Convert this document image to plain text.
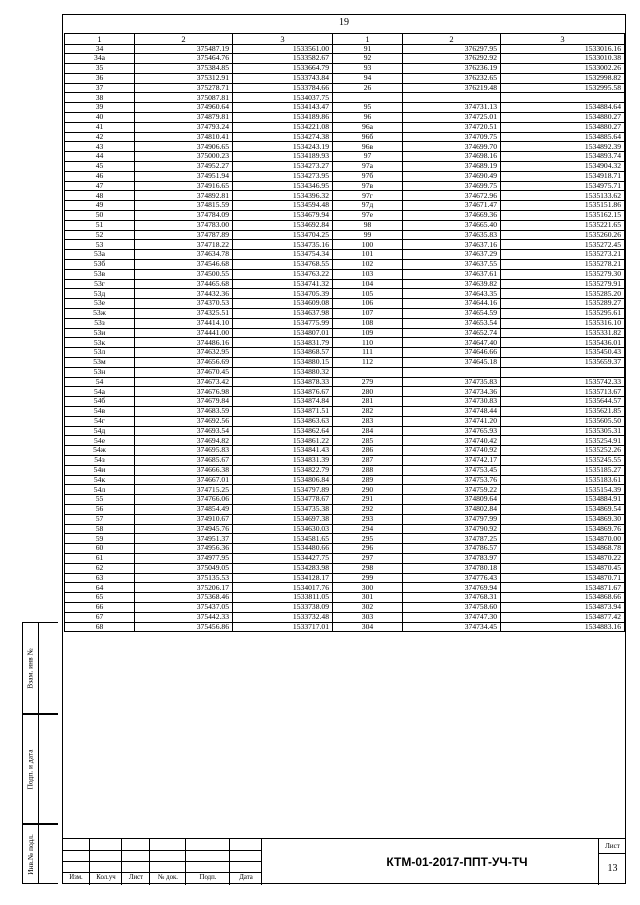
19
1	2	3	1	2	3
34	375487.19	1533561.00	91	376297.95	1533016.16
34а	375464.76	1533582.67	92	376292.92	1533010.38
35	375384.85	1533664.79	93	376236.19	1533002.26
36	375312.91	1533743.84	94	376232.65	1532998.82
37	375278.71	1533784.66	26	376219.48	1532995.58
38	375087.81	1534037.75			
39	374960.64	1534143.47	95	374731.13	1534884.64
40	374879.81	1534189.86	96	374725.01	1534880.27
41	374793.24	1534221.08	96а	374720.51	1534880.27
42	374810.41	1534274.38	96б	374709.75	1534885.64
43	374906.65	1534243.19	96в	374699.70	1534892.39
44	375000.23	1534189.93	97	374698.16	1534893.74
45	374952.27	1534273.27	97а	374689.19	1534904.32
46	374951.94	1534273.95	97б	374690.49	1534918.71
47	374916.65	1534346.95	97в	374699.75	1534975.71
48	374892.81	1534396.32	97г	374672.96	1535133.62
49	374815.59	1534594.48	97д	374671.47	1535151.86
50	374784.09	1534679.94	97е	374669.36	1535162.15
51	374783.00	1534692.84	98	374665.40	1535221.65
52	374787.89	1534704.25	99	374635.83	1535260.26
53	374718.22	1534735.16	100	374637.16	1535272.45
53а	374634.78	1534754.34	101	374637.29	1535273.21
53б	374546.68	1534768.55	102	374637.55	1535278.21
53в	374500.55	1534763.22	103	374637.61	1535279.30
53г	374465.68	1534741.32	104	374639.82	1535279.91
53д	374432.36	1534705.39	105	374643.35	1535285.20
53е	374370.53	1534609.08	106	374644.16	1535289.27
53ж	374325.51	1534637.98	107	374654.59	1535295.61
53з	374414.10	1534775.99	108	374653.54	1535316.10
53и	374441.00	1534807.01	109	374652.74	1535331.82
53к	374486.16	1534831.79	110	374647.40	1535436.01
53л	374632.95	1534868.57	111	374646.66	1535450.43
53м	374656.69	1534880.15	112	374645.18	1535659.37
53н	374670.45	1534880.32			
54	374673.42	1534878.33	279	374735.83	1535742.33
54а	374676.98	1534876.67	280	374734.36	1535713.67
54б	374679.84	1534874.84	281	374730.83	1535644.57
54в	374683.59	1534871.51	282	374748.44	1535621.85
54г	374692.56	1534863.63	283	374741.20	1535605.50
54д	374693.54	1534862.64	284	374765.93	1535305.31
54е	374694.82	1534861.22	285	374740.42	1535254.91
54ж	374695.83	1534841.43	286	374740.92	1535252.26
54з	374685.67	1534831.39	287	374742.17	1535245.55
54и	374666.38	1534822.79	288	374753.45	1535185.27
54к	374667.01	1534806.84	289	374753.76	1535183.61
54л	374715.25	1534797.89	290	374759.22	1535154.39
55	374766.06	1534778.67	291	374809.64	1534884.91
56	374854.49	1534735.38	292	374802.84	1534869.54
57	374910.67	1534697.38	293	374797.99	1534869.30
58	374945.76	1534630.03	294	374790.92	1534869.76
59	374951.37	1534581.65	295	374787.25	1534870.00
60	374956.36	1534480.66	296	374786.57	1534868.78
61	374977.95	1534427.75	297	374783.97	1534870.22
62	375049.05	1534283.98	298	374780.18	1534870.45
63	375135.53	1534128.17	299	374776.43	1534870.71
64	375206.17	1534017.76	300	374769.94	1534871.67
65	375368.46	1533811.05	301	374768.31	1534868.66
66	375437.05	1533738.09	302	374758.60	1534873.94
67	375442.33	1533732.48	303	374747.30	1534877.42
68	375456.86	1533717.01	304	374734.45	1534883.16
Взам. инв №
Подп. и дата
Инв.№ подл.
Изм.	Кол.уч	Лист	№ док.	Подп.	Дата
КТМ-01-2017-ППТ-УЧ-ТЧ
Лист
13
